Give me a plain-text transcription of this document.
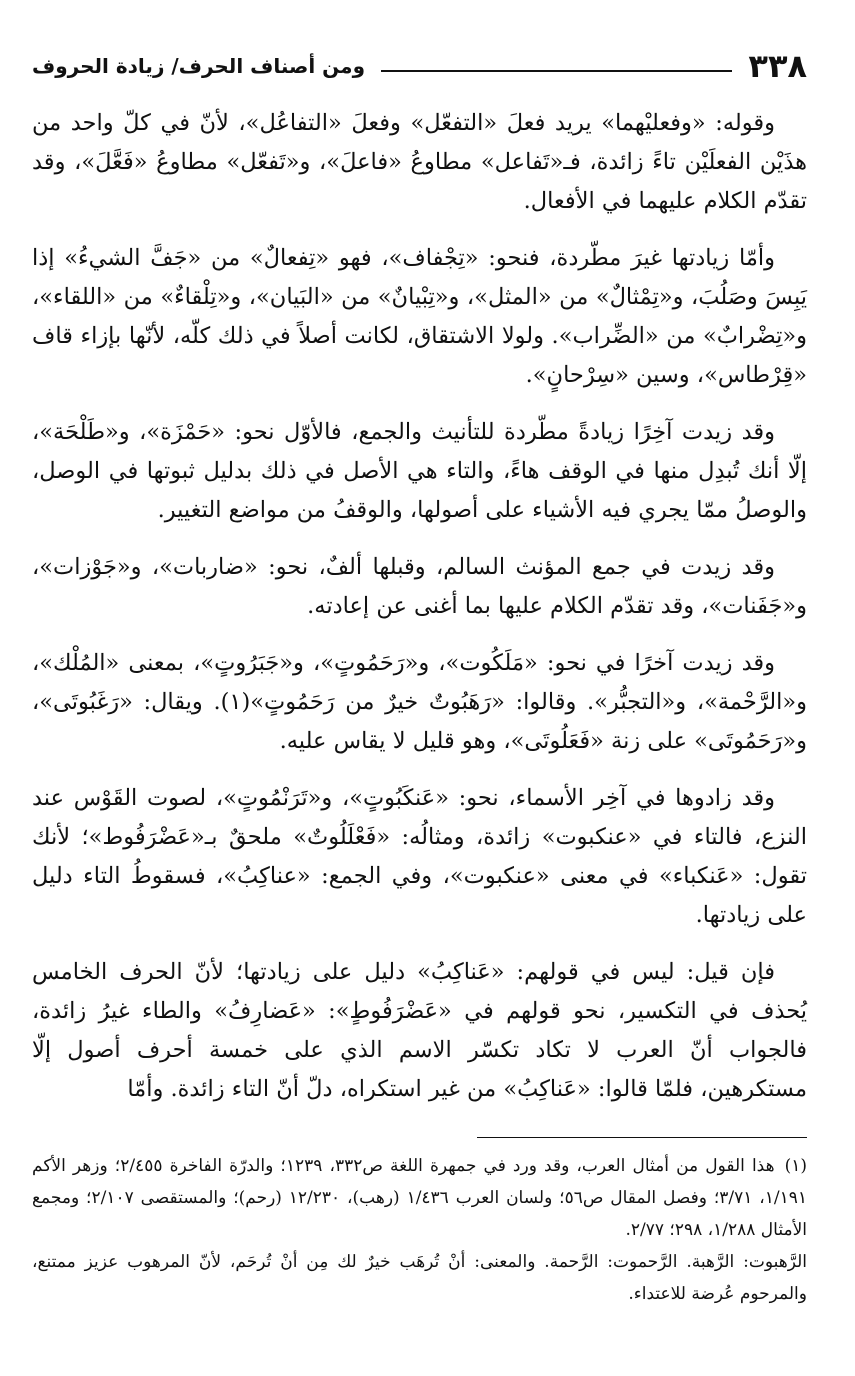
٣٣٨
ومن أصناف الحرف/ زيادة الحروف

وقوله: «وفعليْهما» يريد فعلَ «التفعّل» وفعلَ «التفاعُل»، لأنّ في كلّ واحد من هذَيْن الفعلَيْن تاءً زائدة، فـ«تَفاعل» مطاوعُ «فاعلَ»، و«تَفعّل» مطاوعُ «فَعَّلَ»، وقد تقدّم الكلام عليهما في الأفعال.

وأمّا زيادتها غيرَ مطّردة، فنحو: «تِجْفاف»، فهو «تِفعالٌ» من «جَفَّ الشيءُ» إذا يَبِسَ وصَلُبَ، و«تِمْثالٌ» من «المثل»، و«تِبْيانٌ» من «البَيان»، و«تِلْقاءٌ» من «اللقاء»، و«تِضْرابٌ» من «الضِّراب». ولولا الاشتقاق، لكانت أصلاً في ذلك كلّه، لأنّها بإزاء قاف «قِرْطاس»، وسين «سِرْحانٍ».

وقد زيدت آخِرًا زيادةً مطّردة للتأنيث والجمع، فالأوّل نحو: «حَمْزَة»، و«طَلْحَة»، إلّا أنك تُبدِل منها في الوقف هاءً، والتاء هي الأصل في ذلك بدليل ثبوتها في الوصل، والوصلُ ممّا يجري فيه الأشياء على أصولها، والوقفُ من مواضع التغيير.

وقد زيدت في جمع المؤنث السالم، وقبلها ألفٌ، نحو: «ضاربات»، و«جَوْزات»، و«جَفَنات»، وقد تقدّم الكلام عليها بما أغنى عن إعادته.

وقد زيدت آخرًا في نحو: «مَلَكُوت»، و«رَحَمُوتٍ»، و«جَبَرُوتٍ»، بمعنى «المُلْك»، و«الرَّحْمة»، و«التجبُّر». وقالوا: «رَهَبُوتٌ خيرٌ من رَحَمُوتٍ»(١). ويقال: «رَغَبُوتَى»، و«رَحَمُوتَى» على زنة «فَعَلُوتَى»، وهو قليل لا يقاس عليه.

وقد زادوها في آخِر الأسماء، نحو: «عَنكَبُوتٍ»، و«تَرَنْمُوتٍ»، لصوت القَوْس عند النزع، فالتاء في «عنكبوت» زائدة، ومثالُه: «فَعْلَلُوتٌ» ملحقٌ بـ«عَضْرَفُوط»؛ لأنك تقول: «عَنكباء» في معنى «عنكبوت»، وفي الجمع: «عناكِبُ»، فسقوطُ التاء دليل على زيادتها.

فإن قيل: ليس في قولهم: «عَناكِبُ» دليل على زيادتها؛ لأنّ الحرف الخامس يُحذف في التكسير، نحو قولهم في «عَضْرَفُوطٍ»: «عَضارِفُ» والطاء غيرُ زائدة، فالجواب أنّ العرب لا تكاد تكسّر الاسم الذي على خمسة أحرف أصول إلّا مستكرهين، فلمّا قالوا: «عَناكِبُ» من غير استكراه، دلّ أنّ التاء زائدة. وأمّا

(١)هذا القول من أمثال العرب، وقد ورد في جمهرة اللغة ص٣٣٢، ١٢٣٩؛ والدرّة الفاخرة ٢/٤٥٥؛ وزهر الأكم ١/١٩١، ٣/٧١؛ وفصل المقال ص٥٦؛ ولسان العرب ١/٤٣٦ (رهب)، ١٢/٢٣٠ (رحم)؛ والمستقصى ٢/١٠٧؛ ومجمع الأمثال ١/٢٨٨، ٢٩٨؛ ٢/٧٧.

الرَّهبوت: الرَّهبة. الرَّحموت: الرَّحمة. والمعنى: أنْ تُرهَب خيرٌ لك مِن أنْ تُرحَم، لأنّ المرهوب عزيز ممتنع، والمرحوم عُرضة للاعتداء.
